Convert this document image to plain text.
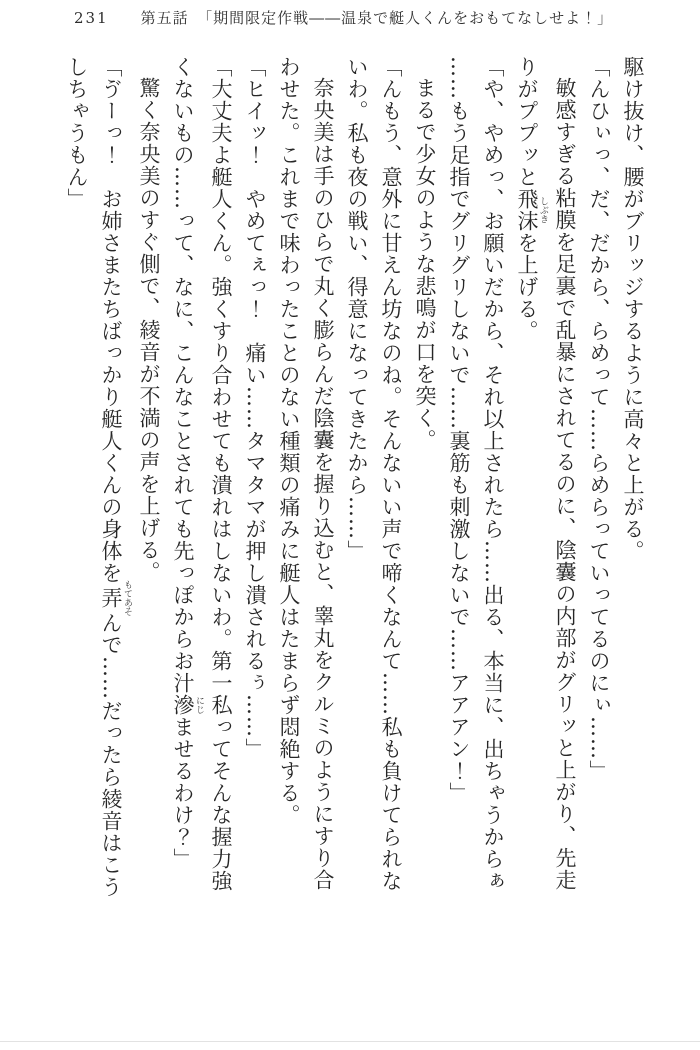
231 第五話　「期間限定作戦――温泉で艇人くんをおもてなしせよ！」

駆け抜け、腰がブリッジするように高々と上がる。

「んひぃっ、だ、だから、らめって……らめらっていってるのにぃ……」

敏感すぎる粘膜を足裏で乱暴にされてるのに、陰囊の内部がグリッと上がり、先走

りがププッと飛沫 しぶきを上げる。

「や、やめっ、お願いだから、それ以上されたら……出る、本当に、出ちゃうからぁ

……もう足指でグリグリしないで……裏筋も刺激しないで……アアアン！」

まるで少女のような悲鳴が口を突く。

「んもう、意外に甘えん坊なのね。そんないい声で啼くなんて……私も負けてられな

いわ。私も夜の戦い、得意になってきたから……」

奈央美は手のひらで丸く膨らんだ陰囊を握り込むと、睾丸をクルミのようにすり合

わせた。これまで味わったことのない種類の痛みに艇人はたまらず悶絶する。

「ヒイッ！　やめてぇっ！　痛い……タマタマが押し潰されるぅ……」

「大丈夫よ艇人くん。強くすり合わせても潰れはしないわ。第一私ってそんな握力強

くないもの……って、なに、こんなことされても先っぽからお汁滲 にじませるわけ？」

驚く奈央美のすぐ側で、綾音が不満の声を上げる。

「ゔーっ！　お姉さまたちばっかり艇人くんの身体を弄 もてあそんで……だったら綾音はこう

しちゃうもん」
